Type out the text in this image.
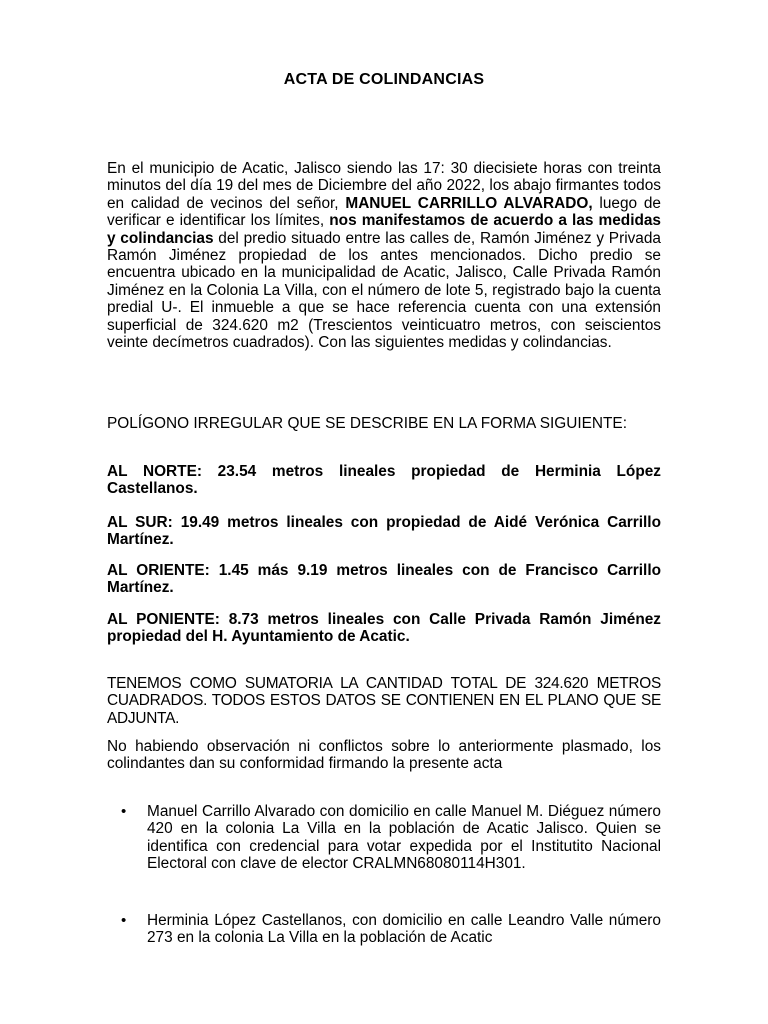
ACTA DE COLINDANCIAS

En el municipio de Acatic, Jalisco siendo las 17: 30 diecisiete horas con treinta minutos del día 19 del mes de Diciembre del año 2022, los abajo firmantes todos en calidad de vecinos del señor, MANUEL CARRILLO ALVARADO, luego de verificar e identificar los límites, nos manifestamos de acuerdo a las medidas y colindancias del predio situado entre las calles de, Ramón Jiménez y Privada Ramón Jiménez propiedad de los antes mencionados. Dicho predio se encuentra ubicado en la municipalidad de Acatic, Jalisco, Calle Privada Ramón Jiménez en la Colonia La Villa, con el número de lote 5, registrado bajo la cuenta predial U-. El inmueble a que se hace referencia cuenta con una extensión superficial de 324.620 m2 (Trescientos veinticuatro metros, con seiscientos veinte decímetros cuadrados). Con las siguientes medidas y colindancias.

POLÍGONO IRREGULAR QUE SE DESCRIBE EN LA FORMA SIGUIENTE:

AL NORTE: 23.54 metros lineales propiedad de Herminia López Castellanos.

AL SUR: 19.49 metros lineales con propiedad de Aidé Verónica Carrillo Martínez.

AL ORIENTE: 1.45 más 9.19 metros lineales con de Francisco Carrillo Martínez.

AL PONIENTE: 8.73 metros lineales con Calle Privada Ramón Jiménez propiedad del H. Ayuntamiento de Acatic.

TENEMOS COMO SUMATORIA LA CANTIDAD TOTAL DE 324.620 METROS CUADRADOS. TODOS ESTOS DATOS SE CONTIENEN EN EL PLANO QUE SE ADJUNTA.

No habiendo observación ni conflictos sobre lo anteriormente plasmado, los colindantes dan su conformidad firmando la presente acta

• Manuel Carrillo Alvarado con domicilio en calle Manuel M. Diéguez número 420 en la colonia La Villa en la población de Acatic Jalisco. Quien se identifica con credencial para votar expedida por el Institutito Nacional Electoral con clave de elector CRALMN68080114H301.

• Herminia López Castellanos, con domicilio en calle Leandro Valle número 273 en la colonia La Villa en la población de Acatic
